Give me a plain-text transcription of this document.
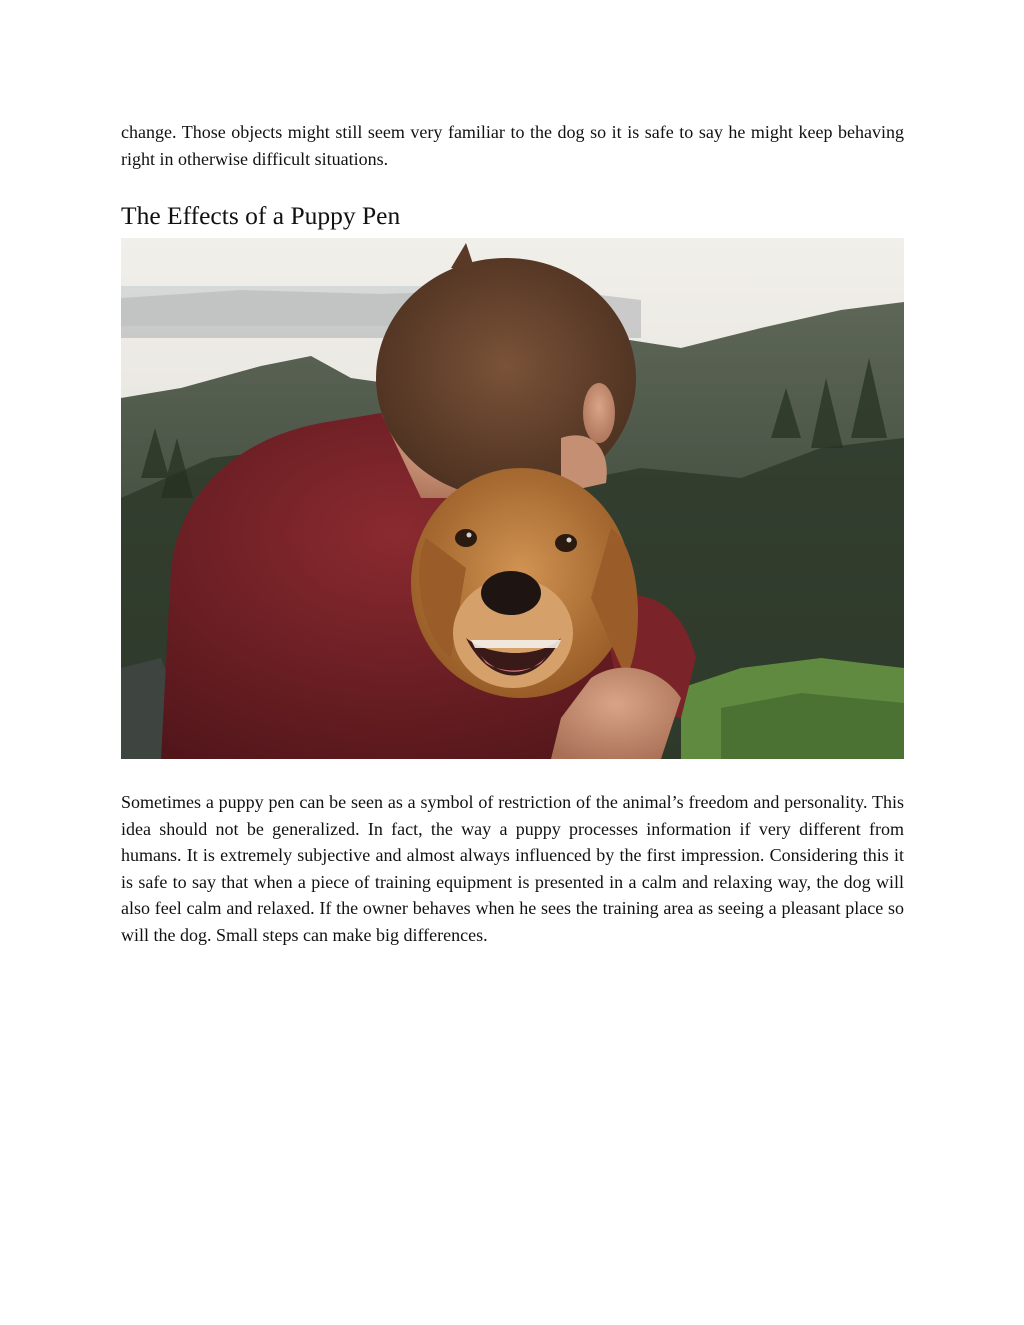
change. Those objects might still seem very familiar to the dog so it is safe to say he might keep behaving right in otherwise difficult situations.

The Effects of a Puppy Pen

Sometimes a puppy pen can be seen as a symbol of restriction of the animal’s freedom and personality. This idea should not be generalized. In fact, the way a puppy processes information if very different from humans. It is extremely subjective and almost always influenced by the first impression. Considering this it is safe to say that when a piece of training equipment is presented in a calm and relaxing way, the dog will also feel calm and relaxed. If the owner behaves when he sees the training area as seeing a pleasant place so will the dog. Small steps can make big differences.
